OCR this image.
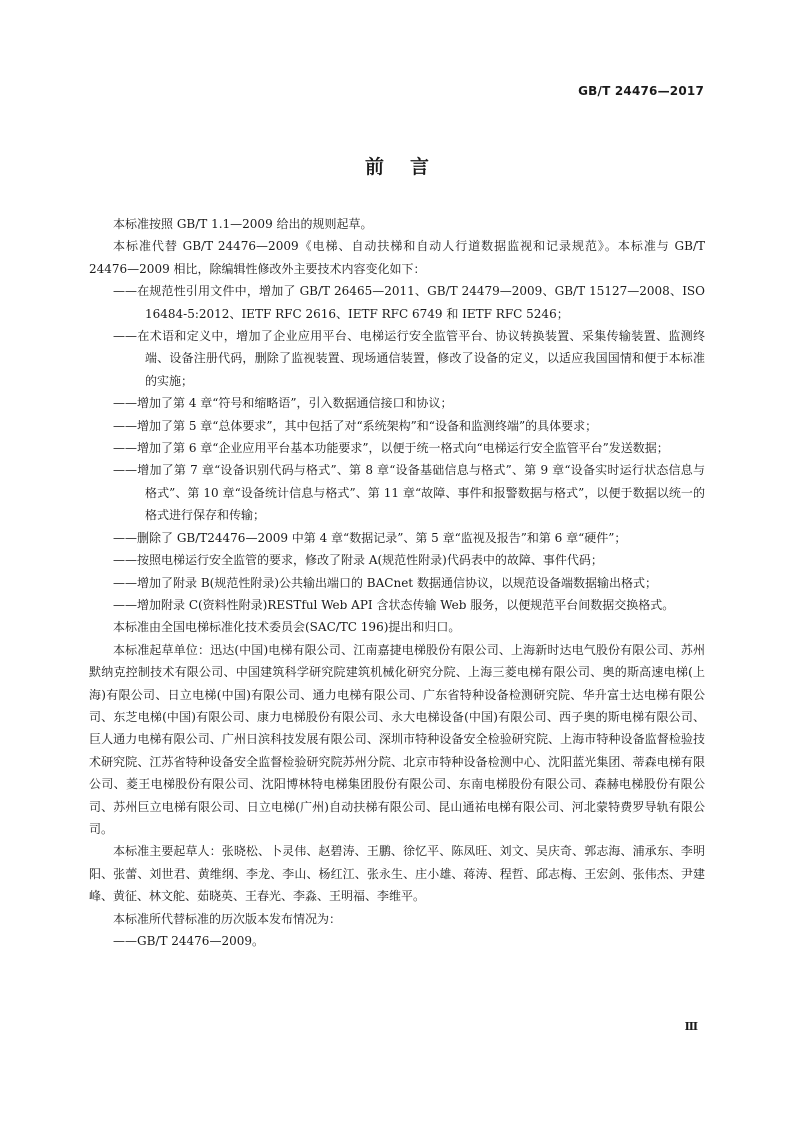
GB/T 24476—2017
前言

本标准按照 GB/T 1.1—2009 给出的规则起草。

本标准代替 GB/T 24476—2009《电梯、自动扶梯和自动人行道数据监视和记录规范》。本标准与 GB/T 24476—2009 相比，除编辑性修改外主要技术内容变化如下：

——在规范性引用文件中，增加了 GB/T 26465—2011、GB/T 24479—2009、GB/T 15127—2008、ISO 16484-5:2012、IETF RFC 2616、IETF RFC 6749 和 IETF RFC 5246；

——在术语和定义中，增加了企业应用平台、电梯运行安全监管平台、协议转换装置、采集传输装置、监测终端、设备注册代码，删除了监视装置、现场通信装置，修改了设备的定义，以适应我国国情和便于本标准的实施；

——增加了第 4 章“符号和缩略语”，引入数据通信接口和协议；

——增加了第 5 章“总体要求”，其中包括了对“系统架构”和“设备和监测终端”的具体要求；

——增加了第 6 章“企业应用平台基本功能要求”，以便于统一格式向“电梯运行安全监管平台”发送数据；

——增加了第 7 章“设备识别代码与格式”、第 8 章“设备基础信息与格式”、第 9 章“设备实时运行状态信息与格式”、第 10 章“设备统计信息与格式”、第 11 章“故障、事件和报警数据与格式”，以便于数据以统一的格式进行保存和传输；

——删除了 GB/T24476—2009 中第 4 章“数据记录”、第 5 章“监视及报告”和第 6 章“硬件”；

——按照电梯运行安全监管的要求，修改了附录 A(规范性附录)代码表中的故障、事件代码；

——增加了附录 B(规范性附录)公共输出端口的 BACnet 数据通信协议，以规范设备端数据输出格式；

——增加附录 C(资料性附录)RESTful Web API 含状态传输 Web 服务，以便规范平台间数据交换格式。

本标准由全国电梯标准化技术委员会(SAC/TC 196)提出和归口。

本标准起草单位：迅达(中国)电梯有限公司、江南嘉捷电梯股份有限公司、上海新时达电气股份有限公司、苏州默纳克控制技术有限公司、中国建筑科学研究院建筑机械化研究分院、上海三菱电梯有限公司、奥的斯高速电梯(上海)有限公司、日立电梯(中国)有限公司、通力电梯有限公司、广东省特种设备检测研究院、华升富士达电梯有限公司、东芝电梯(中国)有限公司、康力电梯股份有限公司、永大电梯设备(中国)有限公司、西子奥的斯电梯有限公司、巨人通力电梯有限公司、广州日滨科技发展有限公司、深圳市特种设备安全检验研究院、上海市特种设备监督检验技术研究院、江苏省特种设备安全监督检验研究院苏州分院、北京市特种设备检测中心、沈阳蓝光集团、蒂森电梯有限公司、菱王电梯股份有限公司、沈阳博林特电梯集团股份有限公司、东南电梯股份有限公司、森赫电梯股份有限公司、苏州巨立电梯有限公司、日立电梯(广州)自动扶梯有限公司、昆山通祐电梯有限公司、河北蒙特费罗导轨有限公司。

本标准主要起草人：张晓松、卜灵伟、赵碧涛、王鹏、徐忆平、陈凤旺、刘文、吴庆奇、郭志海、浦承东、李明阳、张蕾、刘世君、黄维纲、李龙、李山、杨红江、张永生、庄小雄、蒋涛、程哲、邱志梅、王宏剑、张伟杰、尹建峰、黄征、林文舵、茹晓英、王春光、李淼、王明福、李维平。

本标准所代替标准的历次版本发布情况为：

——GB/T 24476—2009。

Ⅲ
